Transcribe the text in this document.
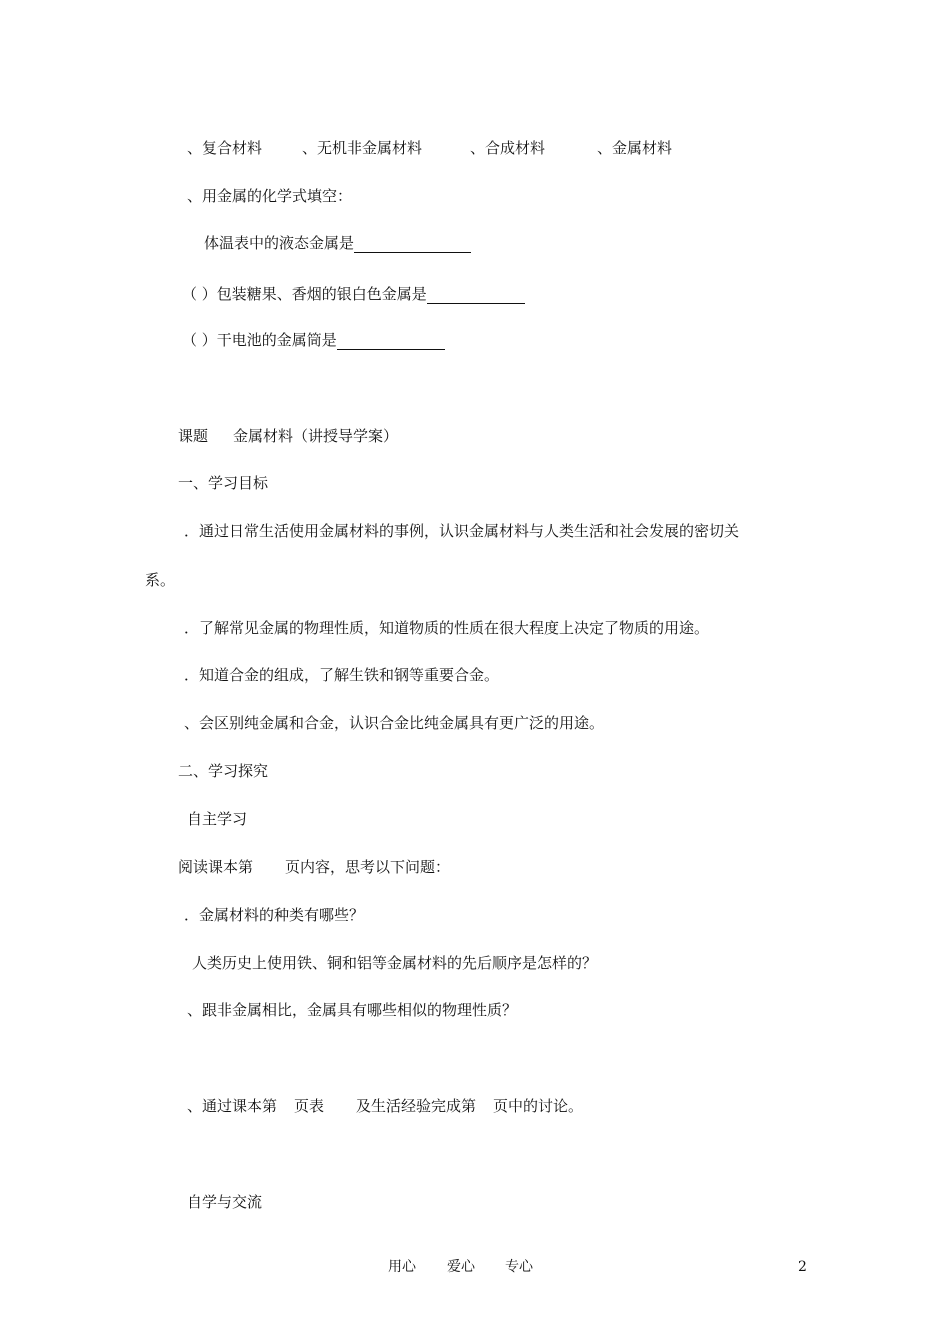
、复合材料	、无机非金属材料	、合成材料	、金属材料
、用金属的化学式填空：
体温表中的液态金属是
（ ）包装糖果、香烟的银白色金属是
（ ）干电池的金属筒是
课题 金属材料（讲授导学案）
一、学习目标
．通过日常生活使用金属材料的事例，认识金属材料与人类生活和社会发展的密切关
系。
．了解常见金属的物理性质，知道物质的性质在很大程度上决定了物质的用途。
．知道合金的组成，了解生铁和钢等重要合金。
、会区别纯金属和合金，认识合金比纯金属具有更广泛的用途。
二、学习探究
自主学习
阅读课本第 页内容，思考以下问题：
．金属材料的种类有哪些？
人类历史上使用铁、铜和铝等金属材料的先后顺序是怎样的？
、跟非金属相比，金属具有哪些相似的物理性质？
、通过课本第 页表 及生活经验完成第 页中的讨论。
自学与交流
用心 爱心 专心	2
